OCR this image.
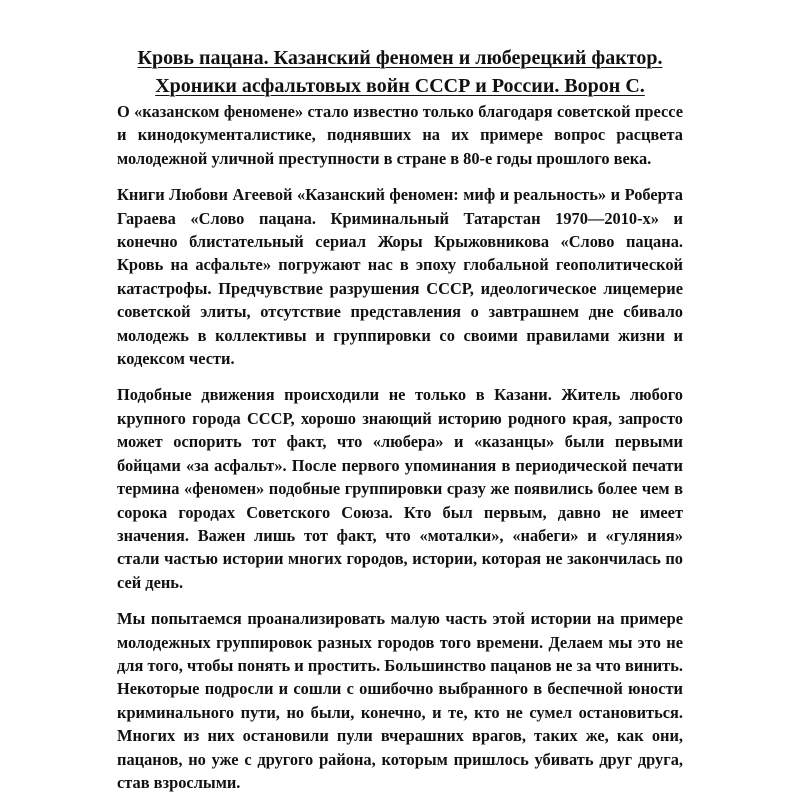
Кровь пацана. Казанский феномен и люберецкий фактор.
Хроники асфальтовых войн СССР и России. Ворон С.

О «казанском феномене» стало известно только благодаря советской прессе и кинодокументалистике, поднявших на их примере вопрос расцвета молодежной уличной преступности в стране в 80-е годы прошлого века.

Книги Любови Агеевой «Казанский феномен: миф и реальность» и Роберта Гараева «Слово пацана. Криминальный Татарстан 1970—2010-х» и конечно блистательный сериал Жоры Крыжовникова «Слово пацана. Кровь на асфальте» погружают нас в эпоху глобальной геополитической катастрофы. Предчувствие разрушения СССР, идеологическое лицемерие советской элиты, отсутствие представления о завтрашнем дне сбивало молодежь в коллективы и группировки со своими правилами жизни и кодексом чести.

Подобные движения происходили не только в Казани. Житель любого крупного города СССР, хорошо знающий историю родного края, запросто может оспорить тот факт, что «любера» и «казанцы» были первыми бойцами «за асфальт». После первого упоминания в периодической печати термина «феномен» подобные группировки сразу же появились более чем в сорока городах Советского Союза. Кто был первым, давно не имеет значения. Важен лишь тот факт, что «моталки», «набеги» и «гуляния» стали частью истории многих городов, истории, которая не закончилась по сей день.

Мы попытаемся проанализировать малую часть этой истории на примере молодежных группировок разных городов того времени. Делаем мы это не для того, чтобы понять и простить. Большинство пацанов не за что винить. Некоторые подросли и сошли с ошибочно выбранного в беспечной юности криминального пути, но были, конечно, и те, кто не сумел остановиться. Многих из них остановили пули вчерашних врагов, таких же, как они, пацанов, но уже с другого района, которым пришлось убивать друг друга, став взрослыми.
